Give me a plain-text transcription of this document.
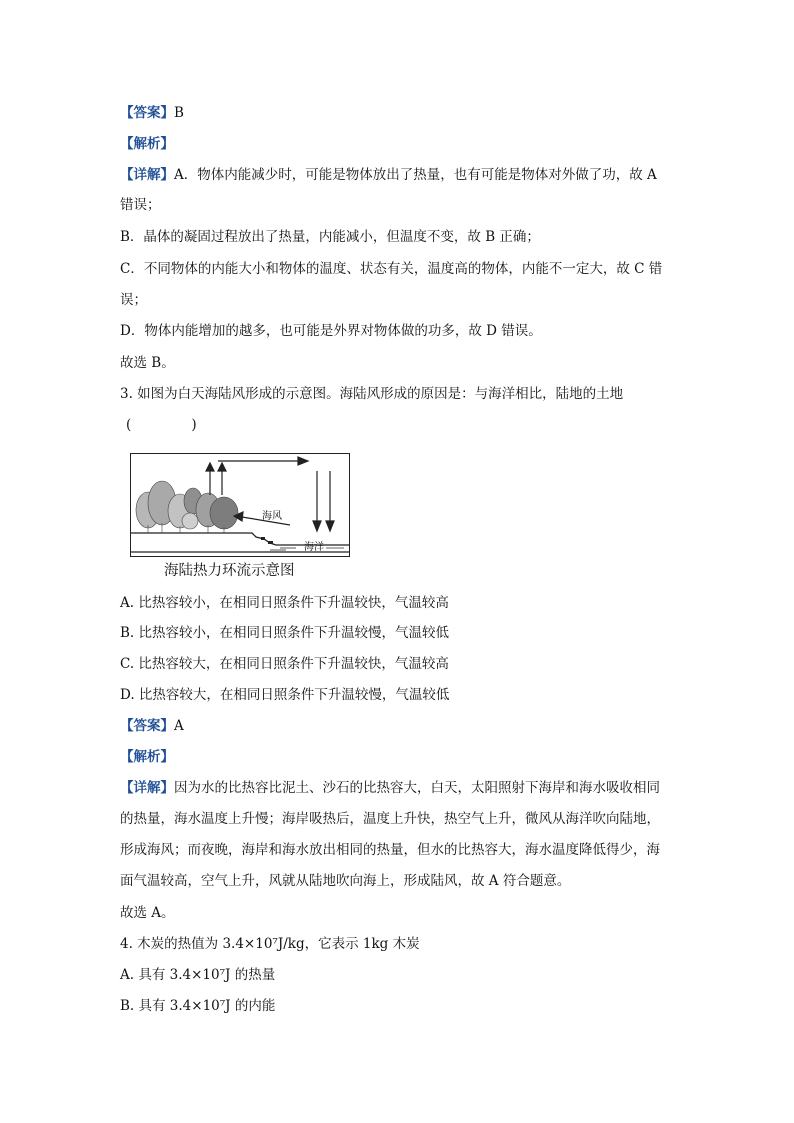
【答案】B
【解析】
【详解】A．物体内能减少时，可能是物体放出了热量，也有可能是物体对外做了功，故 A
错误；
B．晶体的凝固过程放出了热量，内能减小，但温度不变，故 B 正确；
C．不同物体的内能大小和物体的温度、状态有关，温度高的物体，内能不一定大，故 C 错
误；
D．物体内能增加的越多，也可能是外界对物体做的功多，故 D 错误。
故选 B。
3. 如图为白天海陆风形成的示意图。海陆风形成的原因是：与海洋相比，陆地的土地
(              )
海风
海洋
海陆热力环流示意图
A. 比热容较小，在相同日照条件下升温较快，气温较高
B. 比热容较小，在相同日照条件下升温较慢，气温较低
C. 比热容较大，在相同日照条件下升温较快，气温较高
D. 比热容较大，在相同日照条件下升温较慢，气温较低
【答案】A
【解析】
【详解】因为水的比热容比泥土、沙石的比热容大，白天，太阳照射下海岸和海水吸收相同
的热量，海水温度上升慢；海岸吸热后，温度上升快，热空气上升，微风从海洋吹向陆地，
形成海风；而夜晚，海岸和海水放出相同的热量，但水的比热容大，海水温度降低得少，海
面气温较高，空气上升，风就从陆地吹向海上，形成陆风，故 A 符合题意。
故选 A。
4. 木炭的热值为 3.4×10⁷J/kg，它表示 1kg 木炭
A. 具有 3.4×10⁷J 的热量
B. 具有 3.4×10⁷J 的内能
